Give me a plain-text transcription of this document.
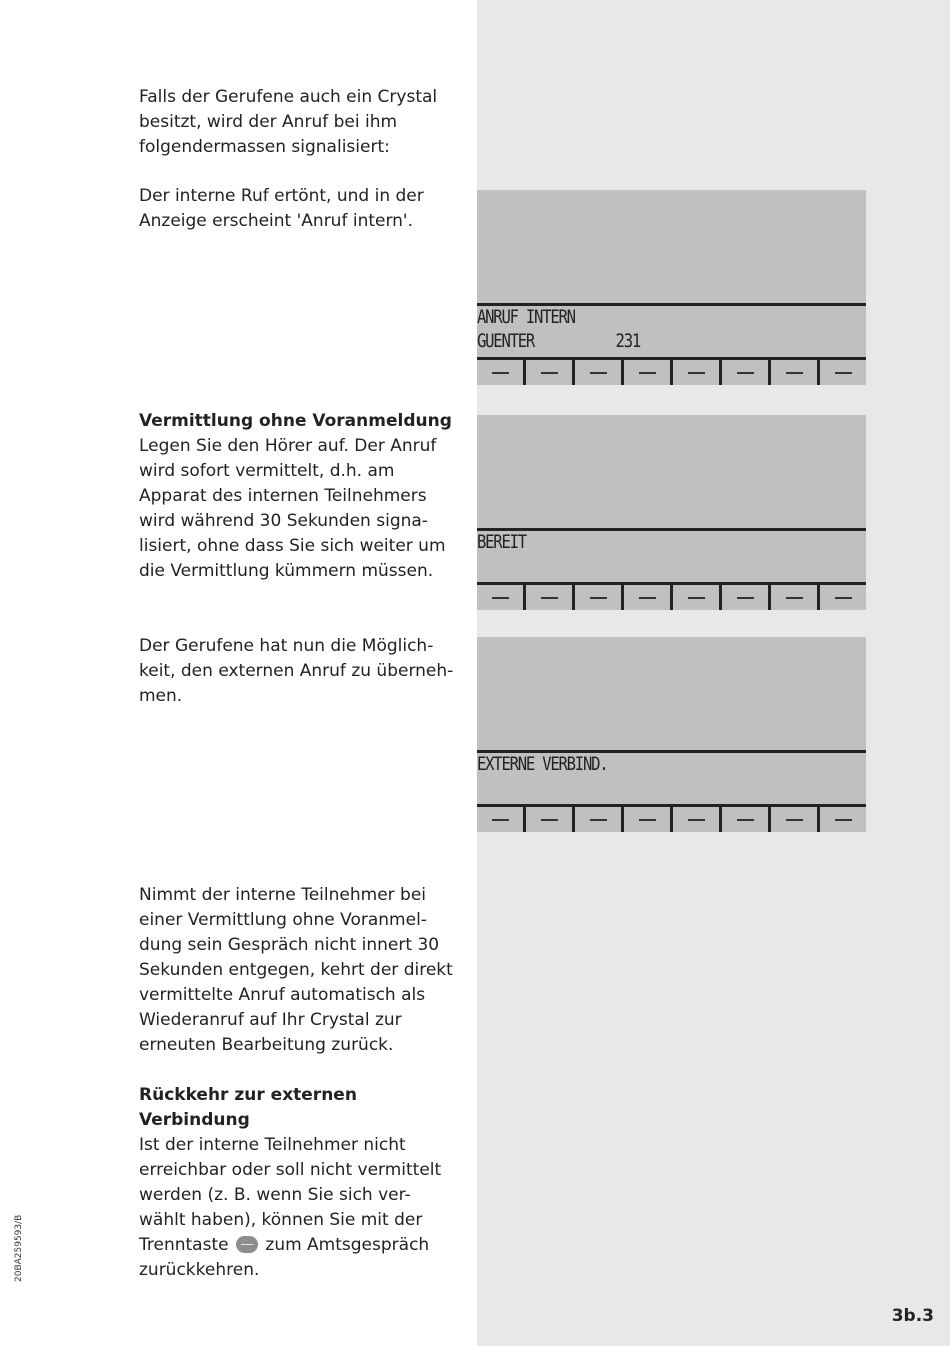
Falls der Gerufene auch ein Crystal
besitzt, wird der Anruf bei ihm
folgendermassen signalisiert:

Der interne Ruf ertönt, und in der
Anzeige erscheint 'Anruf intern'.

Vermittlung ohne Voranmeldung
Legen Sie den Hörer auf. Der Anruf
wird sofort vermittelt, d.h. am
Apparat des internen Teilnehmers
wird während 30 Sekunden signa-
lisiert, ohne dass Sie sich weiter um
die Vermittlung kümmern müssen.

Der Gerufene hat nun die Möglich-
keit, den externen Anruf zu überneh-
men.

Nimmt der interne Teilnehmer bei
einer Vermittlung ohne Voranmel-
dung sein Gespräch nicht innert 30
Sekunden entgegen, kehrt der direkt
vermittelte Anruf automatisch als
Wiederanruf auf Ihr Crystal zur
erneuten Bearbeitung zurück.

Rückkehr zur externen
Verbindung
Ist der interne Teilnehmer nicht
erreichbar oder soll nicht vermittelt
werden (z. B. wenn Sie sich ver-
wählt haben), können Sie mit der
Trenntaste zum Amtsgespräch
zurückkehren.

ANRUF INTERN
GUENTER          231
BEREIT
EXTERNE VERBIND.
20BA259593/B
3b.3
